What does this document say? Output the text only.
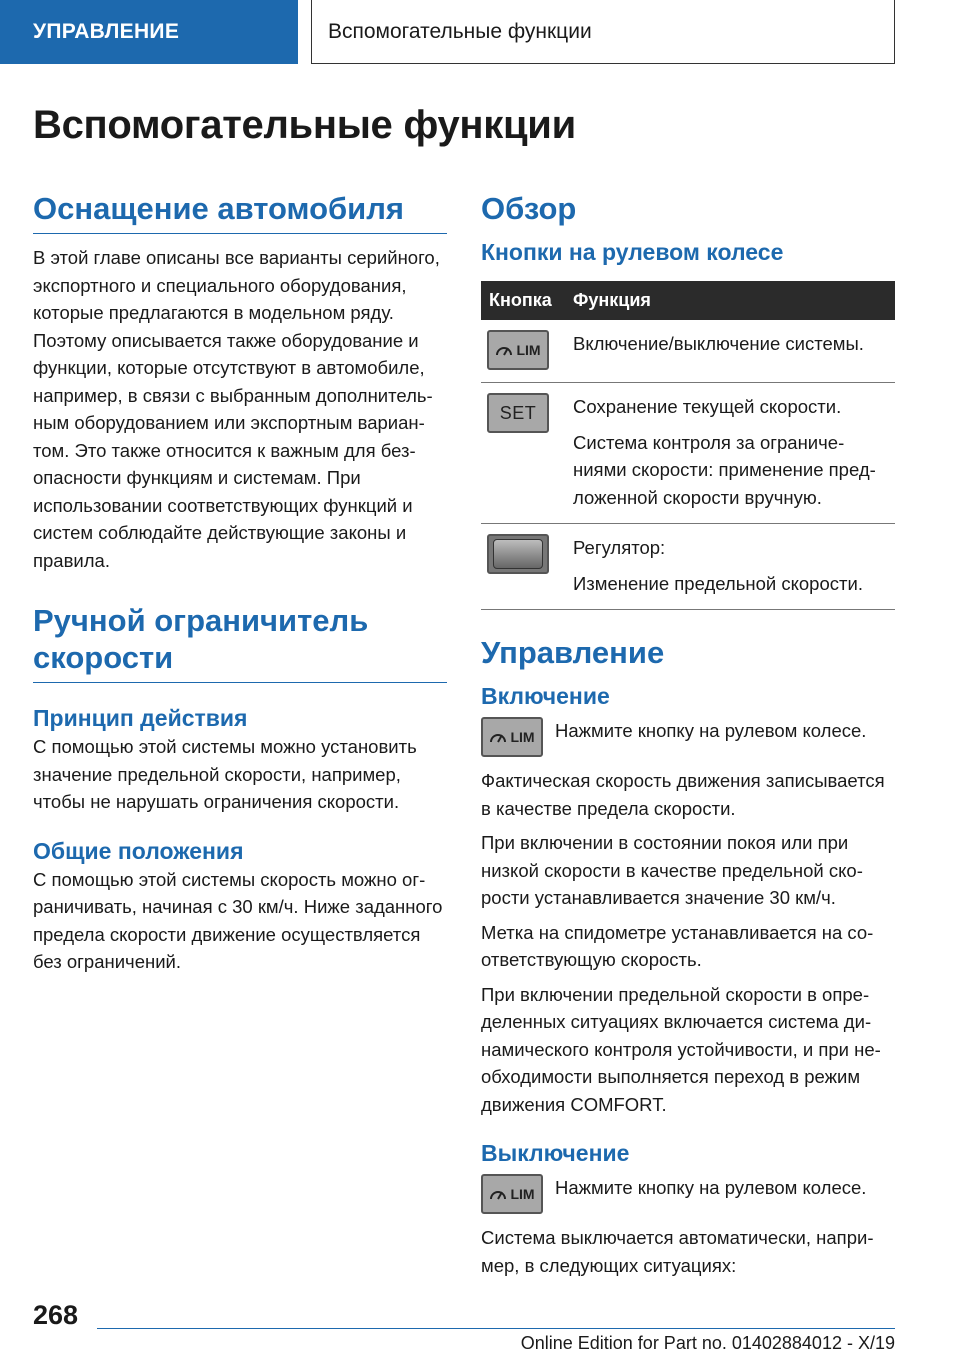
УПРАВЛЕНИЕ	Вспомогательные функции
Вспомогательные функции
Оснащение автомобиля

В этой главе описаны все варианты серийного, экспортного и специального оборудования, которые предлагаются в модельном ряду. Поэтому описывается также оборудование и функции, которые отсутствуют в автомобиле, например, в связи с выбранным дополнительным оборудованием или экспортным вариантом. Это также относится к важным для безопасности функциям и системам. При использовании соответствующих функций и систем соблюдайте действующие законы и правила.

Ручной ограничитель скорости
Принцип действия

С помощью этой системы можно установить значение предельной скорости, например, чтобы не нарушать ограничения скорости.

Общие положения

С помощью этой системы скорость можно ограничивать, начиная с 30 км/ч. Ниже заданного предела скорости движение осуществляется без ограничений.

Обзор
Кнопки на рулевом колесе
Кнопка	Функция

LIM	Включение/выключение системы.

SET	Сохранение текущей скорости.

Система контроля за ограничениями скорости: применение предложенной скорости вручную.

	Регулятор:

Изменение предельной скорости.

Управление
Включение
LIM Нажмите кнопку на рулевом колесе.

Фактическая скорость движения записывается в качестве предела скорости.

При включении в состоянии покоя или при низкой скорости в качестве предельной скорости устанавливается значение 30 км/ч.

Метка на спидометре устанавливается на соответствующую скорость.

При включении предельной скорости в определенных ситуациях включается система динамического контроля устойчивости, и при необходимости выполняется переход в режим движения COMFORT.

Выключение
LIM Нажмите кнопку на рулевом колесе.

Система выключается автоматически, например, в следующих ситуациях:

268
Online Edition for Part no. 01402884012 - X/19
